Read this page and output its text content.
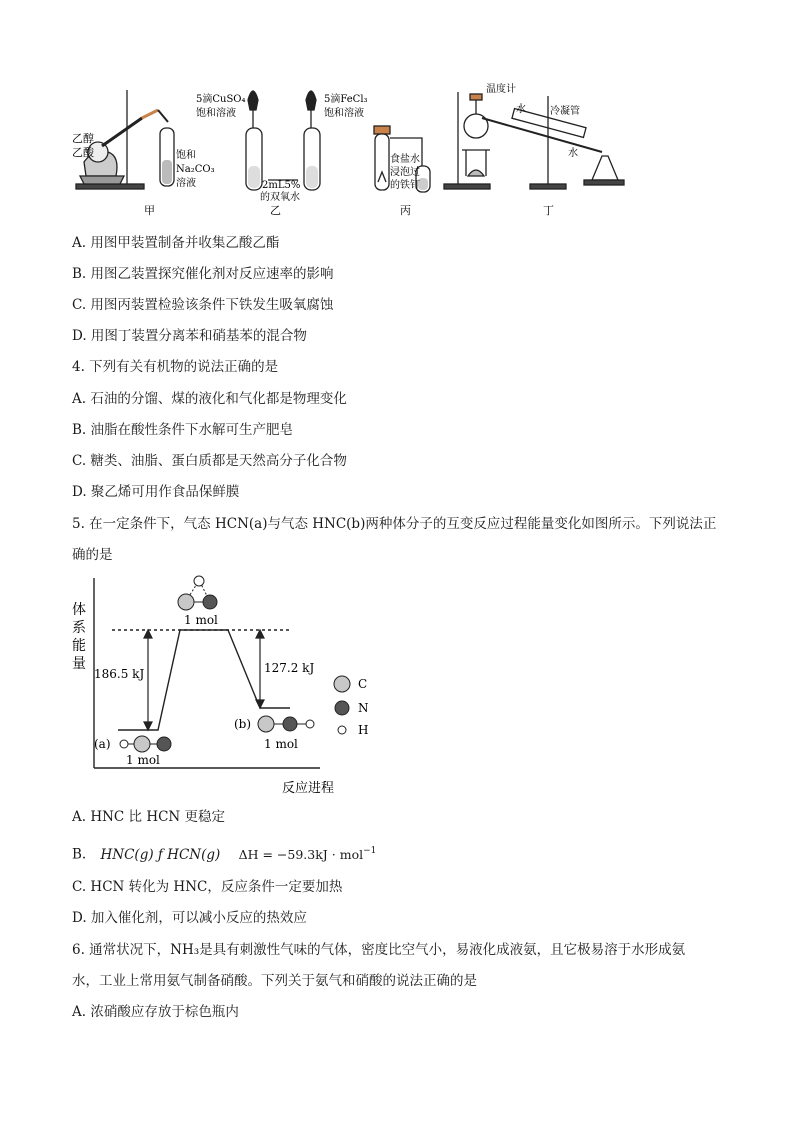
乙醇
乙酸	饱和
Na₂CO₃
溶液
5滴CuSO₄
饱和溶液
5滴FeCl₃
饱和溶液
2mL5%
的双氧水
食盐水
浸泡过
的铁钉
温度计
水 冷凝管
水
甲	乙	丙	丁
A. 用图甲装置制备并收集乙酸乙酯
B. 用图乙装置探究催化剂对反应速率的影响
C. 用图丙装置检验该条件下铁发生吸氧腐蚀
D. 用图丁装置分离苯和硝基苯的混合物
4. 下列有关有机物的说法正确的是
A. 石油的分馏、煤的液化和气化都是物理变化
B. 油脂在酸性条件下水解可生产肥皂
C. 糖类、油脂、蛋白质都是天然高分子化合物
D. 聚乙烯可用作食品保鲜膜
5. 在一定条件下，气态 HCN(a)与气态 HNC(b)两种体分子的互变反应过程能量变化如图所示。下列说法正
确的是
体
系
能
量
反应进程
186.5 kJ	127.2 kJ
1 mol
(a)
1 mol
(b)
1 mol
C
N
H
A. HNC 比 HCN 更稳定
B. HNC(g) ƒ HCN(g) ΔH = −59.3kJ · mol$^{-1}$
C. HCN 转化为 HNC，反应条件一定要加热
D. 加入催化剂，可以减小反应的热效应
6. 通常状况下，NH₃是具有刺激性气味的气体，密度比空气小，易液化成液氨，且它极易溶于水形成氨
水，工业上常用氨气制备硝酸。下列关于氨气和硝酸的说法正确的是
A. 浓硝酸应存放于棕色瓶内
